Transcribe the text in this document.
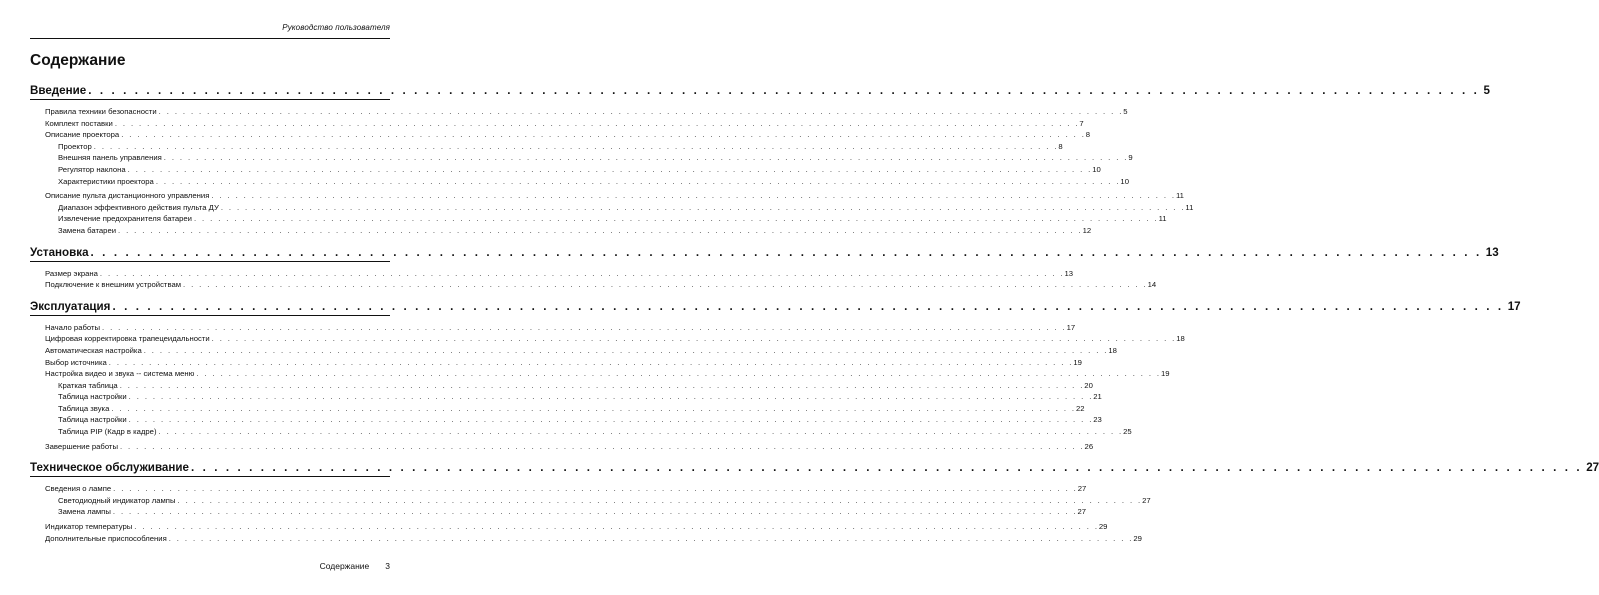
Руководство пользователя
Содержание
Введение . . . . . . . . . . . . . . . . . . . . . . . . . . . . . . . . . . . . . . . . . . . . . . . . . . . . . . . . . . . . . . . . . . . . . . . . . . . . . . . . . . . . . . . . . . . . . . . . . . . . . . . . . . . . . . . . . . . . . . . . 5
Правила техники безопасности . . . . . . . . . . . . . . . . . . . . . . . . . . . . . . . . . . . . . . . . . . . . . . . . . . . . . . . . . . . . . . . . . . . . . . . . . . . . . . . . . . . . . . . . . . . . . . . . . . . . . . . . . . . . . . . . . . . . . . . . 5
Комплект поставки . . . . . . . . . . . . . . . . . . . . . . . . . . . . . . . . . . . . . . . . . . . . . . . . . . . . . . . . . . . . . . . . . . . . . . . . . . . . . . . . . . . . . . . . . . . . . . . . . . . . . . . . . . . . . . . . . . . . . . . . 7
Описание проектора . . . . . . . . . . . . . . . . . . . . . . . . . . . . . . . . . . . . . . . . . . . . . . . . . . . . . . . . . . . . . . . . . . . . . . . . . . . . . . . . . . . . . . . . . . . . . . . . . . . . . . . . . . . . . . . . . . . . . . . . 8
Проектор . . . . . . . . . . . . . . . . . . . . . . . . . . . . . . . . . . . . . . . . . . . . . . . . . . . . . . . . . . . . . . . . . . . . . . . . . . . . . . . . . . . . . . . . . . . . . . . . . . . . . . . . . . . . . . . . . . . . . . . . 8
Внешняя панель управления . . . . . . . . . . . . . . . . . . . . . . . . . . . . . . . . . . . . . . . . . . . . . . . . . . . . . . . . . . . . . . . . . . . . . . . . . . . . . . . . . . . . . . . . . . . . . . . . . . . . . . . . . . . . . . . . . . . . . . . . 9
Регулятор наклона . . . . . . . . . . . . . . . . . . . . . . . . . . . . . . . . . . . . . . . . . . . . . . . . . . . . . . . . . . . . . . . . . . . . . . . . . . . . . . . . . . . . . . . . . . . . . . . . . . . . . . . . . . . . . . . . . . . . . . . . 10
Характеристики проектора . . . . . . . . . . . . . . . . . . . . . . . . . . . . . . . . . . . . . . . . . . . . . . . . . . . . . . . . . . . . . . . . . . . . . . . . . . . . . . . . . . . . . . . . . . . . . . . . . . . . . . . . . . . . . . . . . . . . . . . . 10
Описание пульта дистанционного управления . . . . . . . . . . . . . . . . . . . . . . . . . . . . . . . . . . . . . . . . . . . . . . . . . . . . . . . . . . . . . . . . . . . . . . . . . . . . . . . . . . . . . . . . . . . . . . . . . . . . . . . . . . . . . . . . . . . . . . . . 11
Диапазон эффективного действия пульта ДУ . . . . . . . . . . . . . . . . . . . . . . . . . . . . . . . . . . . . . . . . . . . . . . . . . . . . . . . . . . . . . . . . . . . . . . . . . . . . . . . . . . . . . . . . . . . . . . . . . . . . . . . . . . . . . . . . . . . . . . . . 11
Извлечение предохранителя батареи . . . . . . . . . . . . . . . . . . . . . . . . . . . . . . . . . . . . . . . . . . . . . . . . . . . . . . . . . . . . . . . . . . . . . . . . . . . . . . . . . . . . . . . . . . . . . . . . . . . . . . . . . . . . . . . . . . . . . . . . 11
Замена батареи . . . . . . . . . . . . . . . . . . . . . . . . . . . . . . . . . . . . . . . . . . . . . . . . . . . . . . . . . . . . . . . . . . . . . . . . . . . . . . . . . . . . . . . . . . . . . . . . . . . . . . . . . . . . . . . . . . . . . . . . 12
Установка . . . . . . . . . . . . . . . . . . . . . . . . . . . . . . . . . . . . . . . . . . . . . . . . . . . . . . . . . . . . . . . . . . . . . . . . . . . . . . . . . . . . . . . . . . . . . . . . . . . . . . . . . . . . . . . . . . . . . . . . 13
Размер экрана . . . . . . . . . . . . . . . . . . . . . . . . . . . . . . . . . . . . . . . . . . . . . . . . . . . . . . . . . . . . . . . . . . . . . . . . . . . . . . . . . . . . . . . . . . . . . . . . . . . . . . . . . . . . . . . . . . . . . . . . 13
Подключение к внешним устройствам . . . . . . . . . . . . . . . . . . . . . . . . . . . . . . . . . . . . . . . . . . . . . . . . . . . . . . . . . . . . . . . . . . . . . . . . . . . . . . . . . . . . . . . . . . . . . . . . . . . . . . . . . . . . . . . . . . . . . . . . 14
Эксплуатация . . . . . . . . . . . . . . . . . . . . . . . . . . . . . . . . . . . . . . . . . . . . . . . . . . . . . . . . . . . . . . . . . . . . . . . . . . . . . . . . . . . . . . . . . . . . . . . . . . . . . . . . . . . . . . . . . . . . . . . . 17
Начало работы . . . . . . . . . . . . . . . . . . . . . . . . . . . . . . . . . . . . . . . . . . . . . . . . . . . . . . . . . . . . . . . . . . . . . . . . . . . . . . . . . . . . . . . . . . . . . . . . . . . . . . . . . . . . . . . . . . . . . . . . 17
Цифровая корректировка трапецеидальности . . . . . . . . . . . . . . . . . . . . . . . . . . . . . . . . . . . . . . . . . . . . . . . . . . . . . . . . . . . . . . . . . . . . . . . . . . . . . . . . . . . . . . . . . . . . . . . . . . . . . . . . . . . . . . . . . . . . . . . . 18
Автоматическая настройка . . . . . . . . . . . . . . . . . . . . . . . . . . . . . . . . . . . . . . . . . . . . . . . . . . . . . . . . . . . . . . . . . . . . . . . . . . . . . . . . . . . . . . . . . . . . . . . . . . . . . . . . . . . . . . . . . . . . . . . . 18
Выбор источника . . . . . . . . . . . . . . . . . . . . . . . . . . . . . . . . . . . . . . . . . . . . . . . . . . . . . . . . . . . . . . . . . . . . . . . . . . . . . . . . . . . . . . . . . . . . . . . . . . . . . . . . . . . . . . . . . . . . . . . . 19
Настройка видео и звука -- система меню . . . . . . . . . . . . . . . . . . . . . . . . . . . . . . . . . . . . . . . . . . . . . . . . . . . . . . . . . . . . . . . . . . . . . . . . . . . . . . . . . . . . . . . . . . . . . . . . . . . . . . . . . . . . . . . . . . . . . . . . 19
Краткая таблица . . . . . . . . . . . . . . . . . . . . . . . . . . . . . . . . . . . . . . . . . . . . . . . . . . . . . . . . . . . . . . . . . . . . . . . . . . . . . . . . . . . . . . . . . . . . . . . . . . . . . . . . . . . . . . . . . . . . . . . . 20
Таблица настройки . . . . . . . . . . . . . . . . . . . . . . . . . . . . . . . . . . . . . . . . . . . . . . . . . . . . . . . . . . . . . . . . . . . . . . . . . . . . . . . . . . . . . . . . . . . . . . . . . . . . . . . . . . . . . . . . . . . . . . . . 21
Таблица звука . . . . . . . . . . . . . . . . . . . . . . . . . . . . . . . . . . . . . . . . . . . . . . . . . . . . . . . . . . . . . . . . . . . . . . . . . . . . . . . . . . . . . . . . . . . . . . . . . . . . . . . . . . . . . . . . . . . . . . . . 22
Таблица настройки . . . . . . . . . . . . . . . . . . . . . . . . . . . . . . . . . . . . . . . . . . . . . . . . . . . . . . . . . . . . . . . . . . . . . . . . . . . . . . . . . . . . . . . . . . . . . . . . . . . . . . . . . . . . . . . . . . . . . . . . 23
Таблица PIP (Кадр в кадре) . . . . . . . . . . . . . . . . . . . . . . . . . . . . . . . . . . . . . . . . . . . . . . . . . . . . . . . . . . . . . . . . . . . . . . . . . . . . . . . . . . . . . . . . . . . . . . . . . . . . . . . . . . . . . . . . . . . . . . . . 25
Завершение работы . . . . . . . . . . . . . . . . . . . . . . . . . . . . . . . . . . . . . . . . . . . . . . . . . . . . . . . . . . . . . . . . . . . . . . . . . . . . . . . . . . . . . . . . . . . . . . . . . . . . . . . . . . . . . . . . . . . . . . . . 26
Техническое обслуживание . . . . . . . . . . . . . . . . . . . . . . . . . . . . . . . . . . . . . . . . . . . . . . . . . . . . . . . . . . . . . . . . . . . . . . . . . . . . . . . . . . . . . . . . . . . . . . . . . . . . . . . . . . . . . . . . . . . . . . . . 27
Сведения о лампе . . . . . . . . . . . . . . . . . . . . . . . . . . . . . . . . . . . . . . . . . . . . . . . . . . . . . . . . . . . . . . . . . . . . . . . . . . . . . . . . . . . . . . . . . . . . . . . . . . . . . . . . . . . . . . . . . . . . . . . . 27
Светодиодный индикатор лампы . . . . . . . . . . . . . . . . . . . . . . . . . . . . . . . . . . . . . . . . . . . . . . . . . . . . . . . . . . . . . . . . . . . . . . . . . . . . . . . . . . . . . . . . . . . . . . . . . . . . . . . . . . . . . . . . . . . . . . . . 27
Замена лампы . . . . . . . . . . . . . . . . . . . . . . . . . . . . . . . . . . . . . . . . . . . . . . . . . . . . . . . . . . . . . . . . . . . . . . . . . . . . . . . . . . . . . . . . . . . . . . . . . . . . . . . . . . . . . . . . . . . . . . . . 27
Индикатор температуры . . . . . . . . . . . . . . . . . . . . . . . . . . . . . . . . . . . . . . . . . . . . . . . . . . . . . . . . . . . . . . . . . . . . . . . . . . . . . . . . . . . . . . . . . . . . . . . . . . . . . . . . . . . . . . . . . . . . . . . . 29
Дополнительные приспособления . . . . . . . . . . . . . . . . . . . . . . . . . . . . . . . . . . . . . . . . . . . . . . . . . . . . . . . . . . . . . . . . . . . . . . . . . . . . . . . . . . . . . . . . . . . . . . . . . . . . . . . . . . . . . . . . . . . . . . . . 29
Содержание 3
